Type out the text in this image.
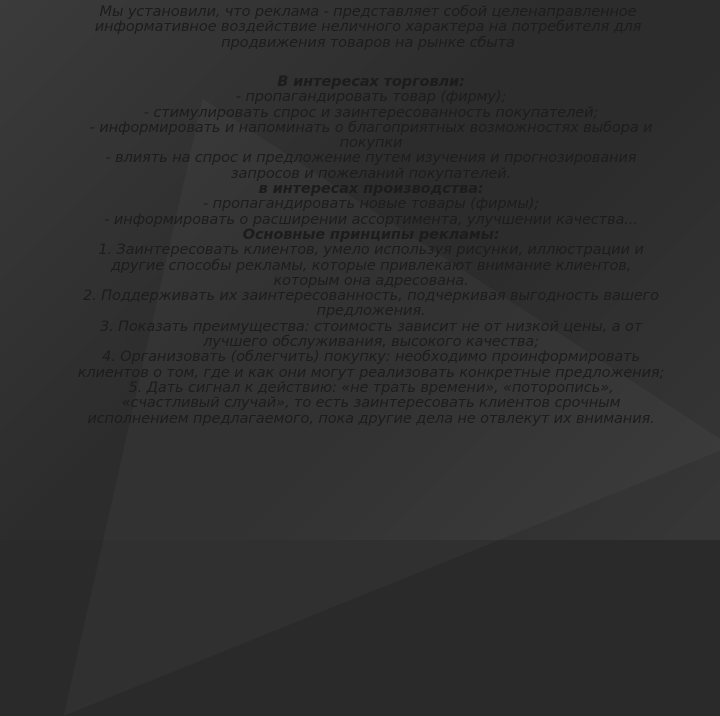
Мы установили, что реклама - представляет собой целенаправленное
информативное воздействие неличного характера на потребителя для
продвижения товаров на рынке сбыта
В интересах торговли:
- пропагандировать товар (фирму);
- стимулировать спрос и заинтересованность покупателей;
- информировать и напоминать о благоприятных возможностях выбора и
покупки
- влиять на спрос и предложение путем изучения и прогнозирования
запросов и пожеланий покупателей.
в интересах производства:
- пропагандировать новые товары (фирмы);
- информировать о расширении ассортимента, улучшении качества...
Основные принципы рекламы:
1. Заинтересовать клиентов, умело используя рисунки, иллюстрации и
другие способы рекламы, которые привлекают внимание клиентов,
которым она адресована.
2. Поддерживать их заинтересованность, подчеркивая выгодность вашего
предложения.
3. Показать преимущества: стоимость зависит не от низкой цены, а от
лучшего обслуживания, высокого качества;
4. Организовать (облегчить) покупку: необходимо проинформировать
клиентов о том, где и как они могут реализовать конкретные предложения;
5. Дать сигнал к действию: «не трать времени», «поторопись»,
«счастливый случай», то есть заинтересовать клиентов срочным
исполнением предлагаемого, пока другие дела не отвлекут их внимания.
